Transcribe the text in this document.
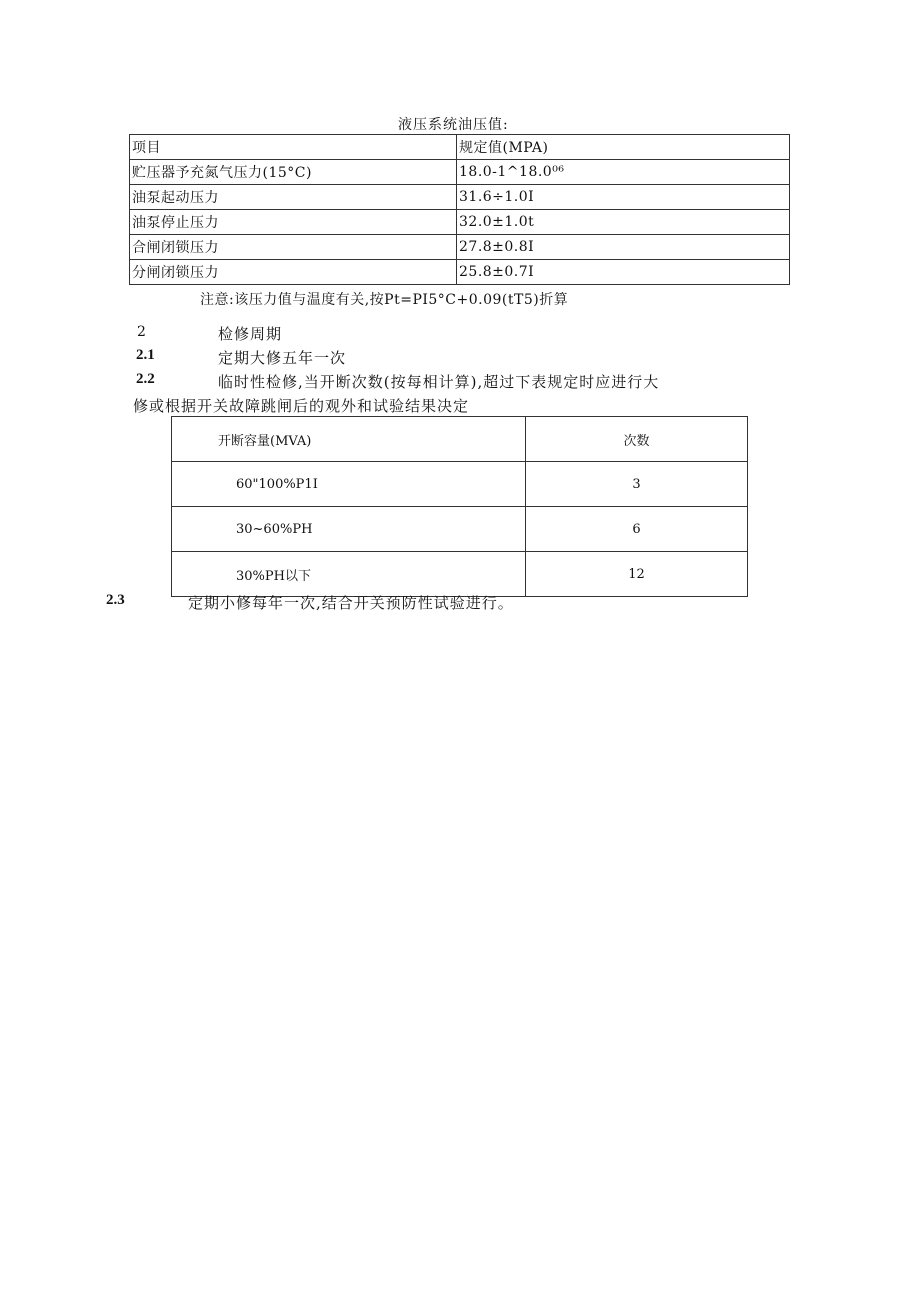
液压系统油压值:
项目	规定值(MPA)
贮压器予充氮气压力(15°C)	18.0-1^18.0⁰⁶
油泵起动压力	31.6÷1.0I
油泵停止压力	32.0±1.0t
合闸闭锁压力	27.8±0.8I
分闸闭锁压力	25.8±0.7I
注意:该压力值与温度有关,按Pt=PI5°C+0.09(tT5)折算
2	检修周期
2.1	定期大修五年一次
2.2	临时性检修,当开断次数(按每相计算),超过下表规定时应进行大
修或根据开关故障跳闸后的观外和试验结果决定
开断容量(MVA)	次数
60"100%P1I	3
30~60%PH	6
30%PH以下	12
2.3	定期小修每年一次,结合开关预防性试验进行。
